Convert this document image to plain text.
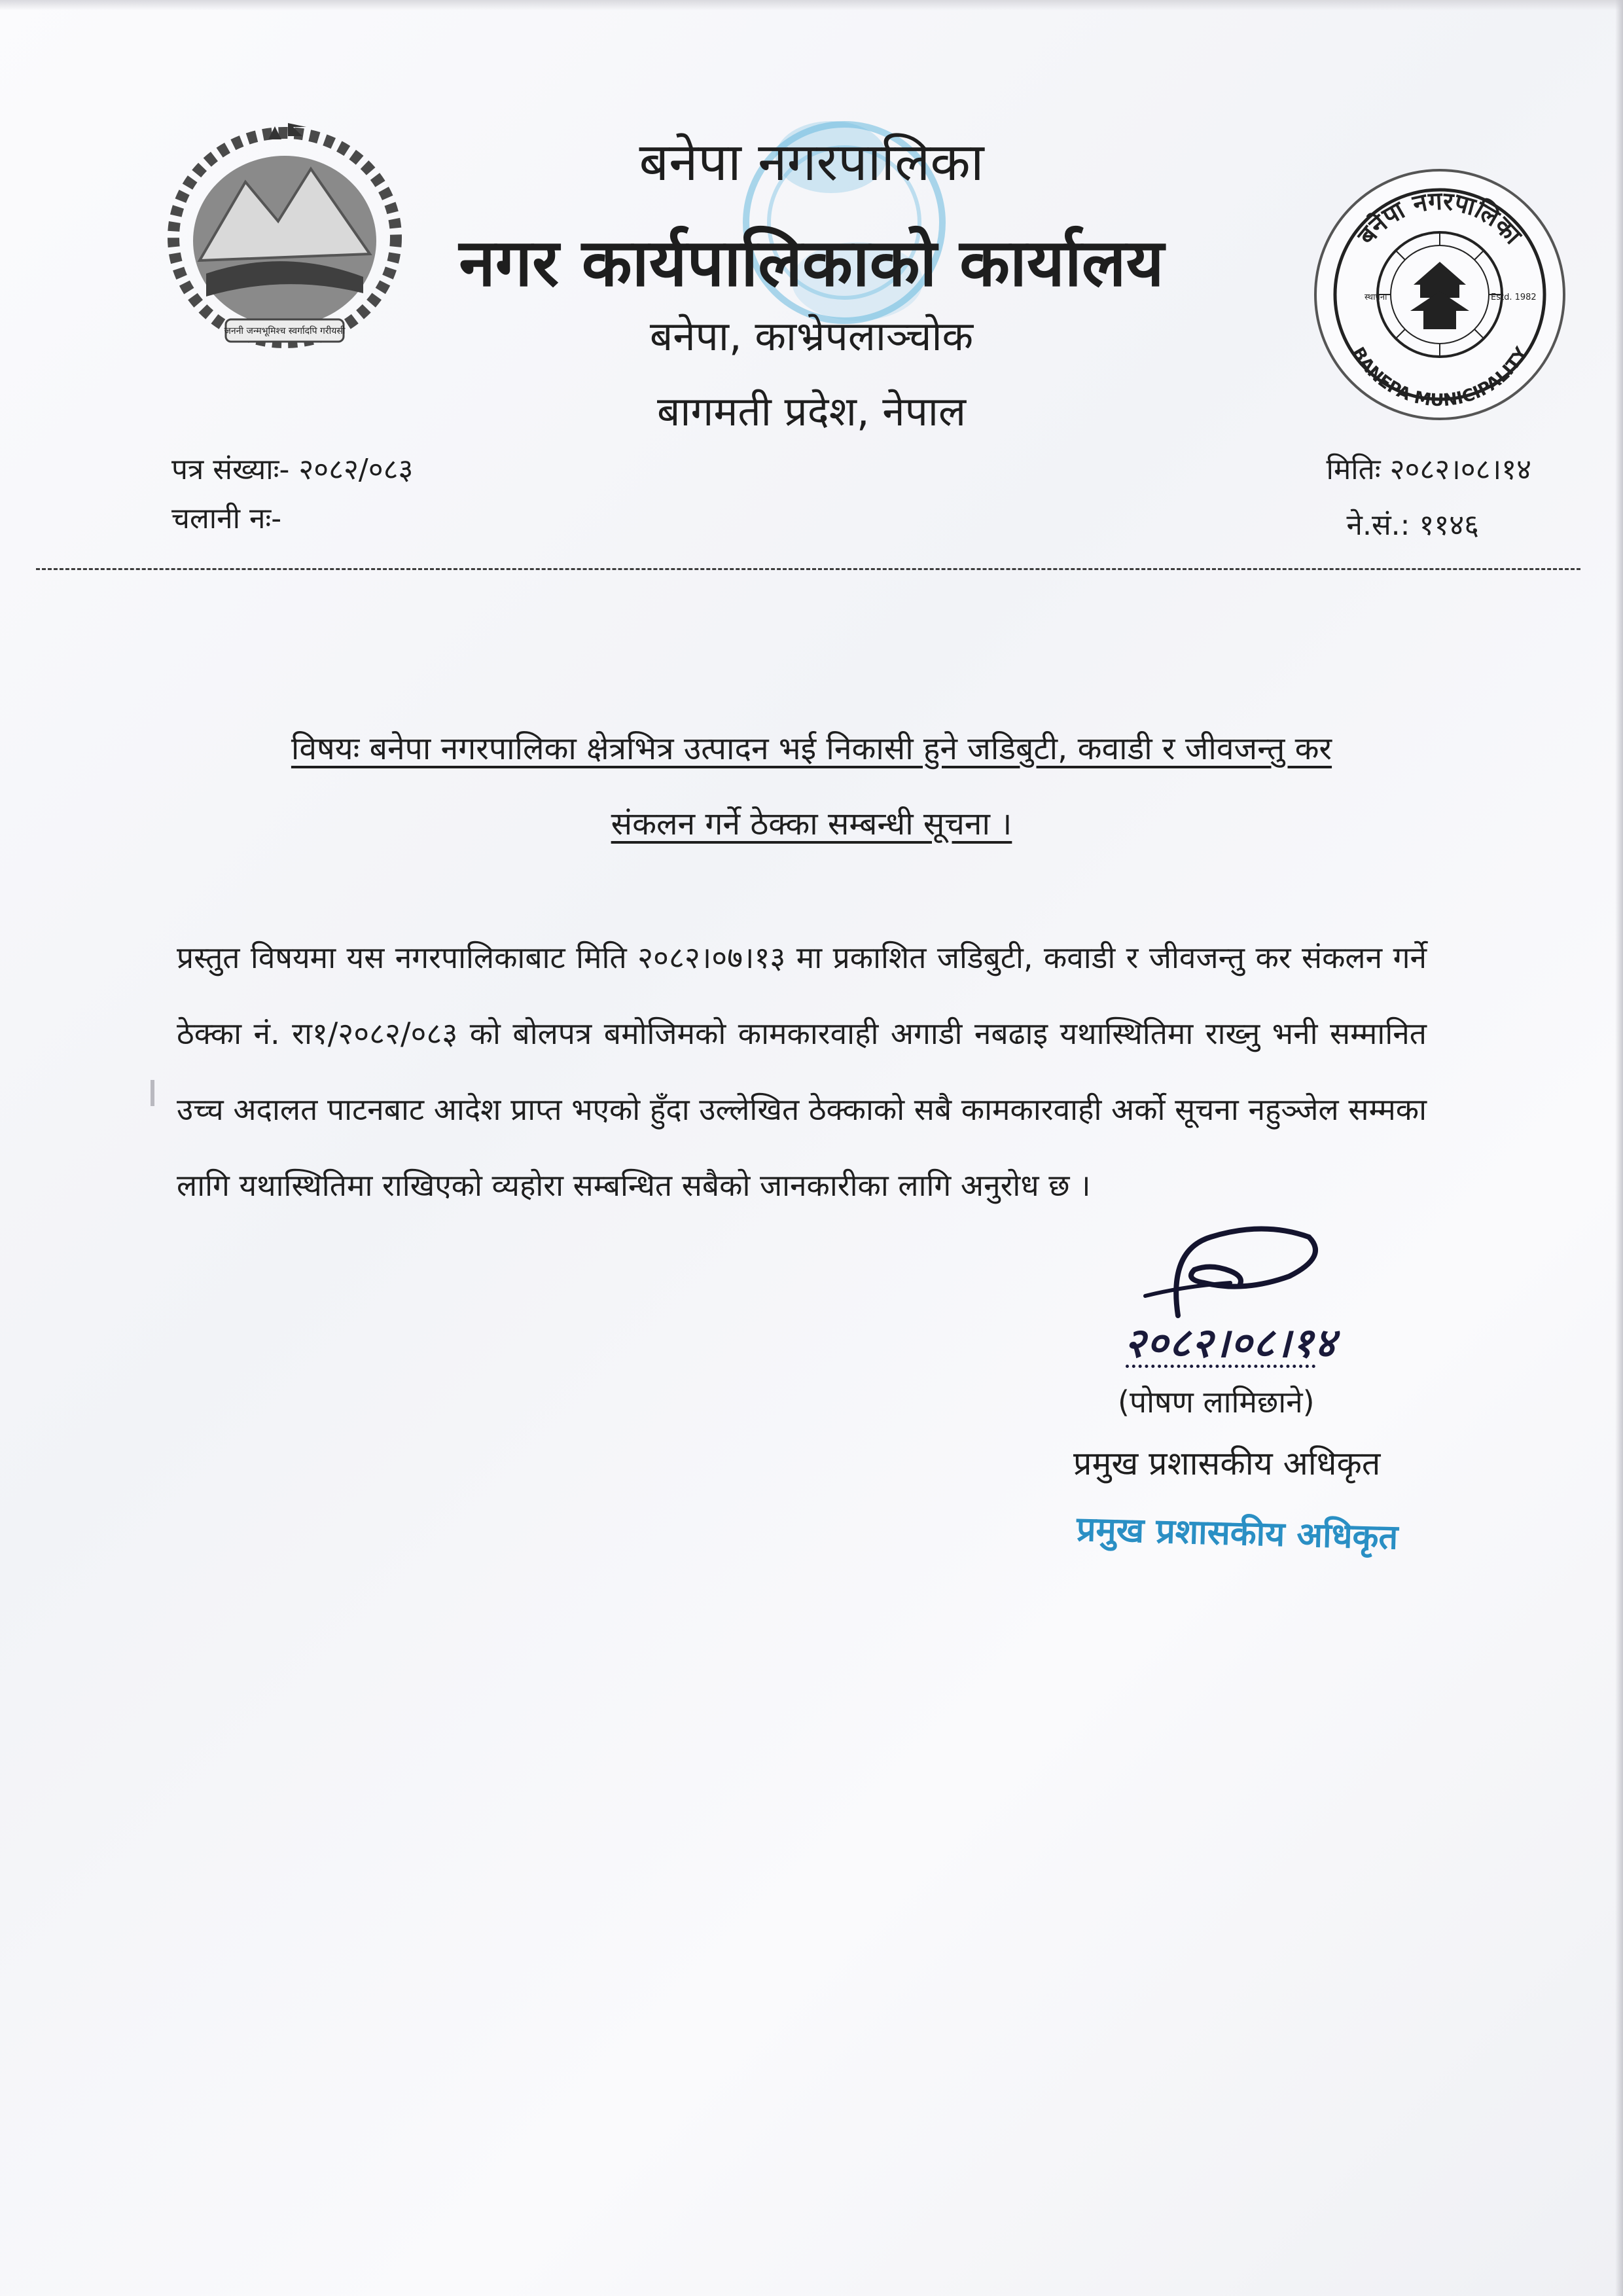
जननी जन्मभूमिश्च स्वर्गादपि गरीयसी

बनेपा नगरपालिका

नगर कार्यपालिकाको कार्यालय

बनेपा, काभ्रेपलाञ्चोक

बागमती प्रदेश, नेपाल

बनेपा नगरपालिका
BANEPA MUNICIPALITY
स्थापना	Estd. 1982

पत्र संख्याः- २०८२/०८३

चलानी नः-

मितिः २०८२।०८।१४

ने.सं.: ११४६

विषयः बनेपा नगरपालिका क्षेत्रभित्र उत्पादन भई निकासी हुने जडिबुटी, कवाडी र जीवजन्तु कर

संकलन गर्ने ठेक्का सम्बन्धी सूचना ।

प्रस्तुत विषयमा यस नगरपालिकाबाट मिति २०८२।०७।१३ मा प्रकाशित जडिबुटी, कवाडी र जीवजन्तु कर संकलन गर्ने ठेक्का नं. रा१/२०८२/०८३ को बोलपत्र बमोजिमको कामकारवाही अगाडी नबढाइ यथास्थितिमा राख्नु भनी सम्मानित उच्च अदालत पाटनबाट आदेश प्राप्त भएको हुँदा उल्लेखित ठेक्काको सबै कामकारवाही अर्को सूचना नहुञ्जेल सम्मका लागि यथास्थितिमा राखिएको व्यहोरा सम्बन्धित सबैको जानकारीका लागि अनुरोध छ ।

२०८२।०८।१४

(पोषण लामिछाने)

प्रमुख प्रशासकीय अधिकृत

प्रमुख प्रशासकीय अधिकृत
